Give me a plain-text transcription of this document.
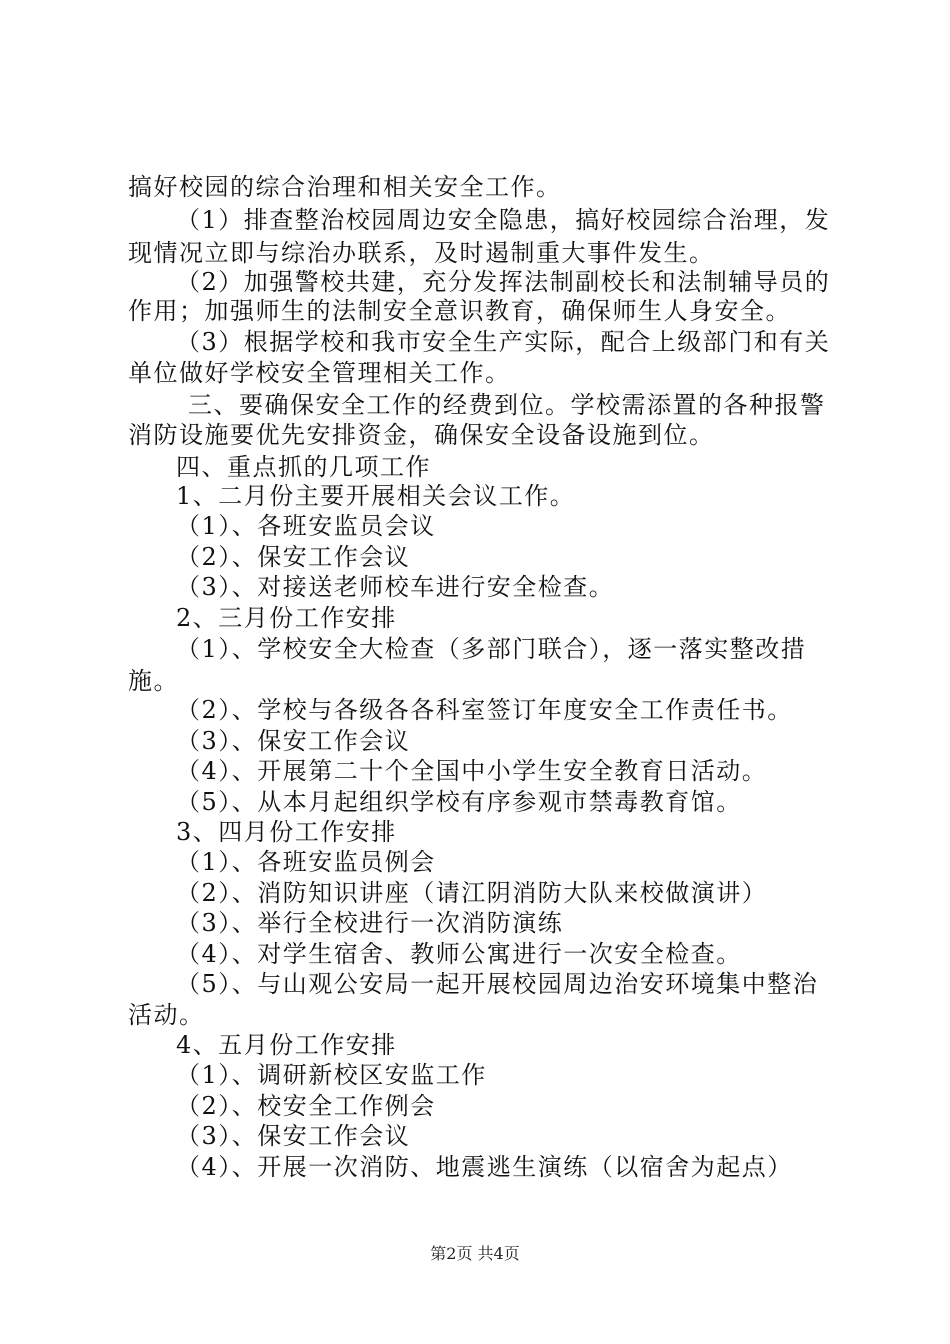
搞好校园的综合治理和相关安全工作。
（1）排查整治校园周边安全隐患，搞好校园综合治理，发
现情况立即与综治办联系，及时遏制重大事件发生。
（2）加强警校共建，充分发挥法制副校长和法制辅导员的
作用；加强师生的法制安全意识教育，确保师生人身安全。
（3）根据学校和我市安全生产实际，配合上级部门和有关
单位做好学校安全管理相关工作。
三、要确保安全工作的经费到位。学校需添置的各种报警
消防设施要优先安排资金，确保安全设备设施到位。
四、重点抓的几项工作
1、二月份主要开展相关会议工作。
（1）、各班安监员会议
（2）、保安工作会议
（3）、对接送老师校车进行安全检查。
2、三月份工作安排
（1）、学校安全大检查（多部门联合），逐一落实整改措
施。
（2）、学校与各级各各科室签订年度安全工作责任书。
（3）、保安工作会议
（4）、开展第二十个全国中小学生安全教育日活动。
（5）、从本月起组织学校有序参观市禁毒教育馆。
3、四月份工作安排
（1）、各班安监员例会
（2）、消防知识讲座（请江阴消防大队来校做演讲）
（3）、举行全校进行一次消防演练
（4）、对学生宿舍、教师公寓进行一次安全检查。
（5）、与山观公安局一起开展校园周边治安环境集中整治
活动。
4、五月份工作安排
（1）、调研新校区安监工作
（2）、校安全工作例会
（3）、保安工作会议
（4）、开展一次消防、地震逃生演练（以宿舍为起点）
第2页 共4页
